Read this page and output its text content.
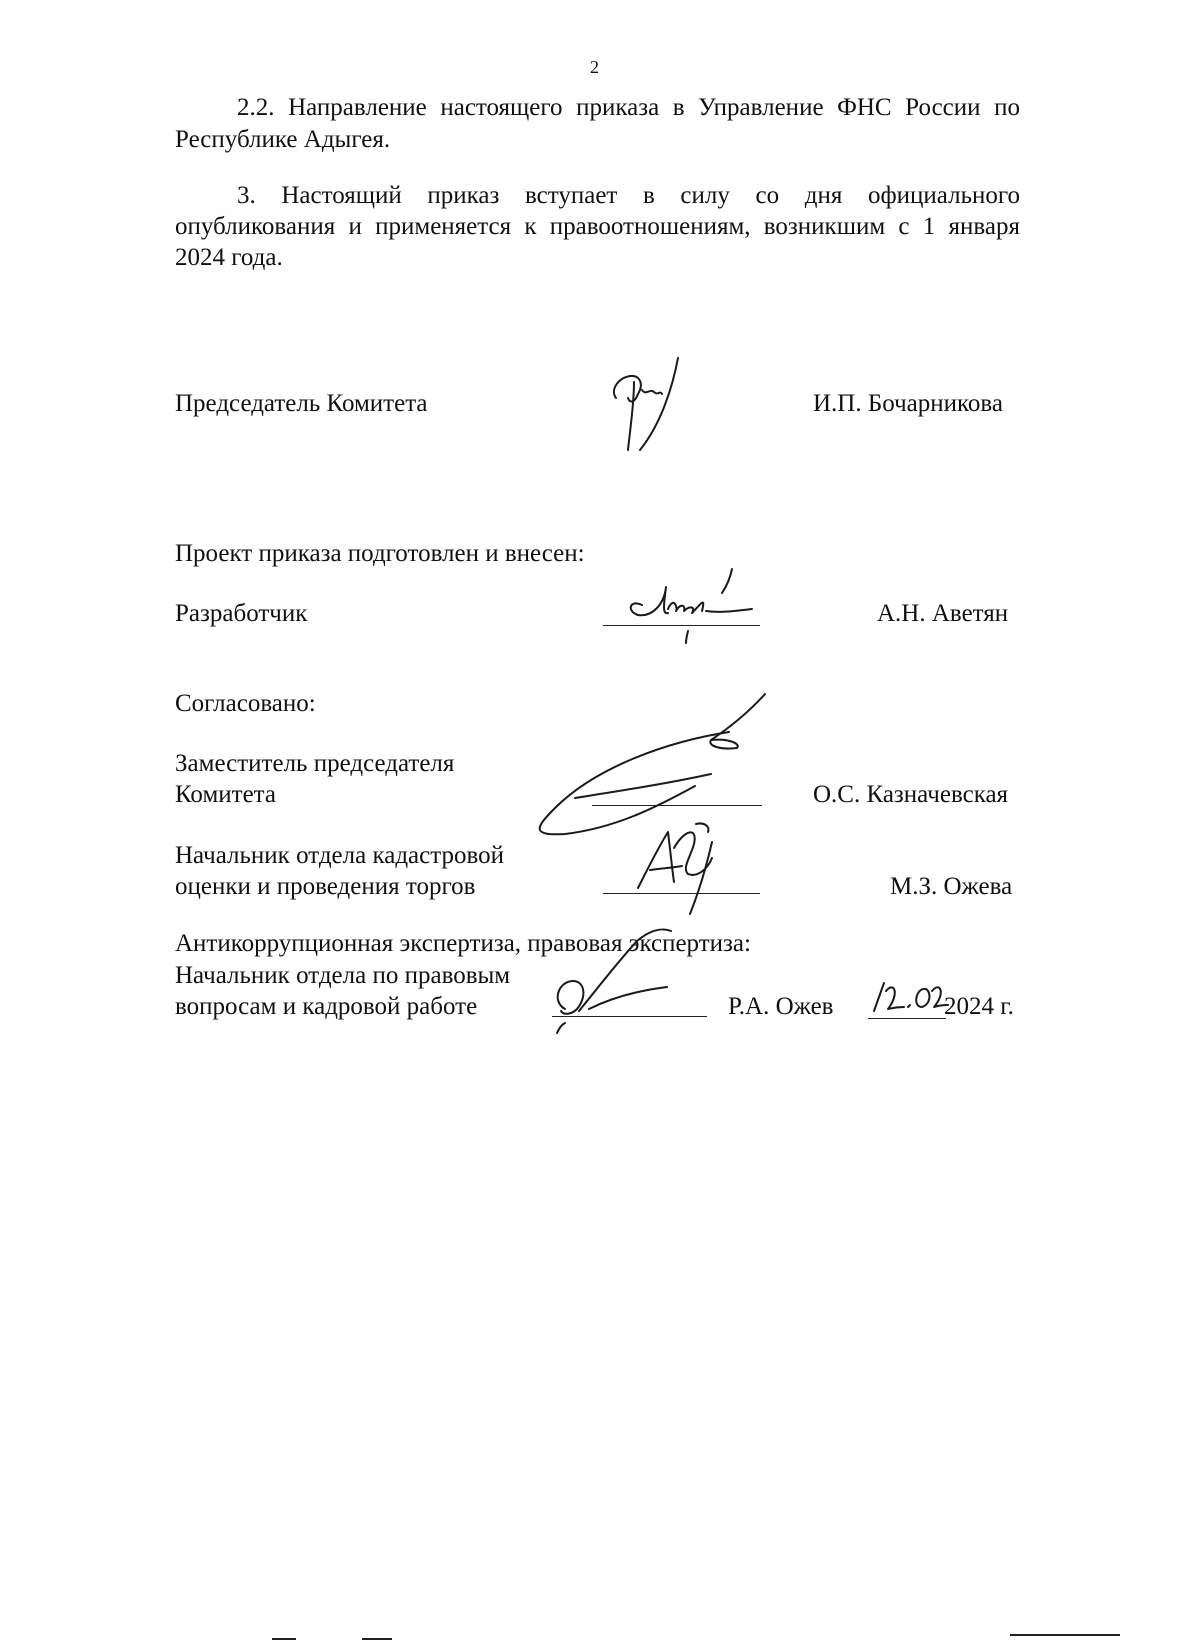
2
2.2. Направление настоящего приказа в Управление ФНС России по
Республике Адыгея.
3. Настоящий приказ вступает в силу со дня официального
опубликования и применяется к правоотношениям, возникшим с 1 января
2024 года.
Председатель Комитета	И.П. Бочарникова
Проект приказа подготовлен и внесен:
Разработчик	А.Н. Аветян
Согласовано:
Заместитель председателя
Комитета	О.С. Казначевская
Начальник отдела кадастровой
оценки и проведения торгов	М.З. Ожева
Антикоррупционная экспертиза, правовая экспертиза:
Начальник отдела по правовым
вопросам и кадровой работе	Р.А. Ожев	2024 г.
